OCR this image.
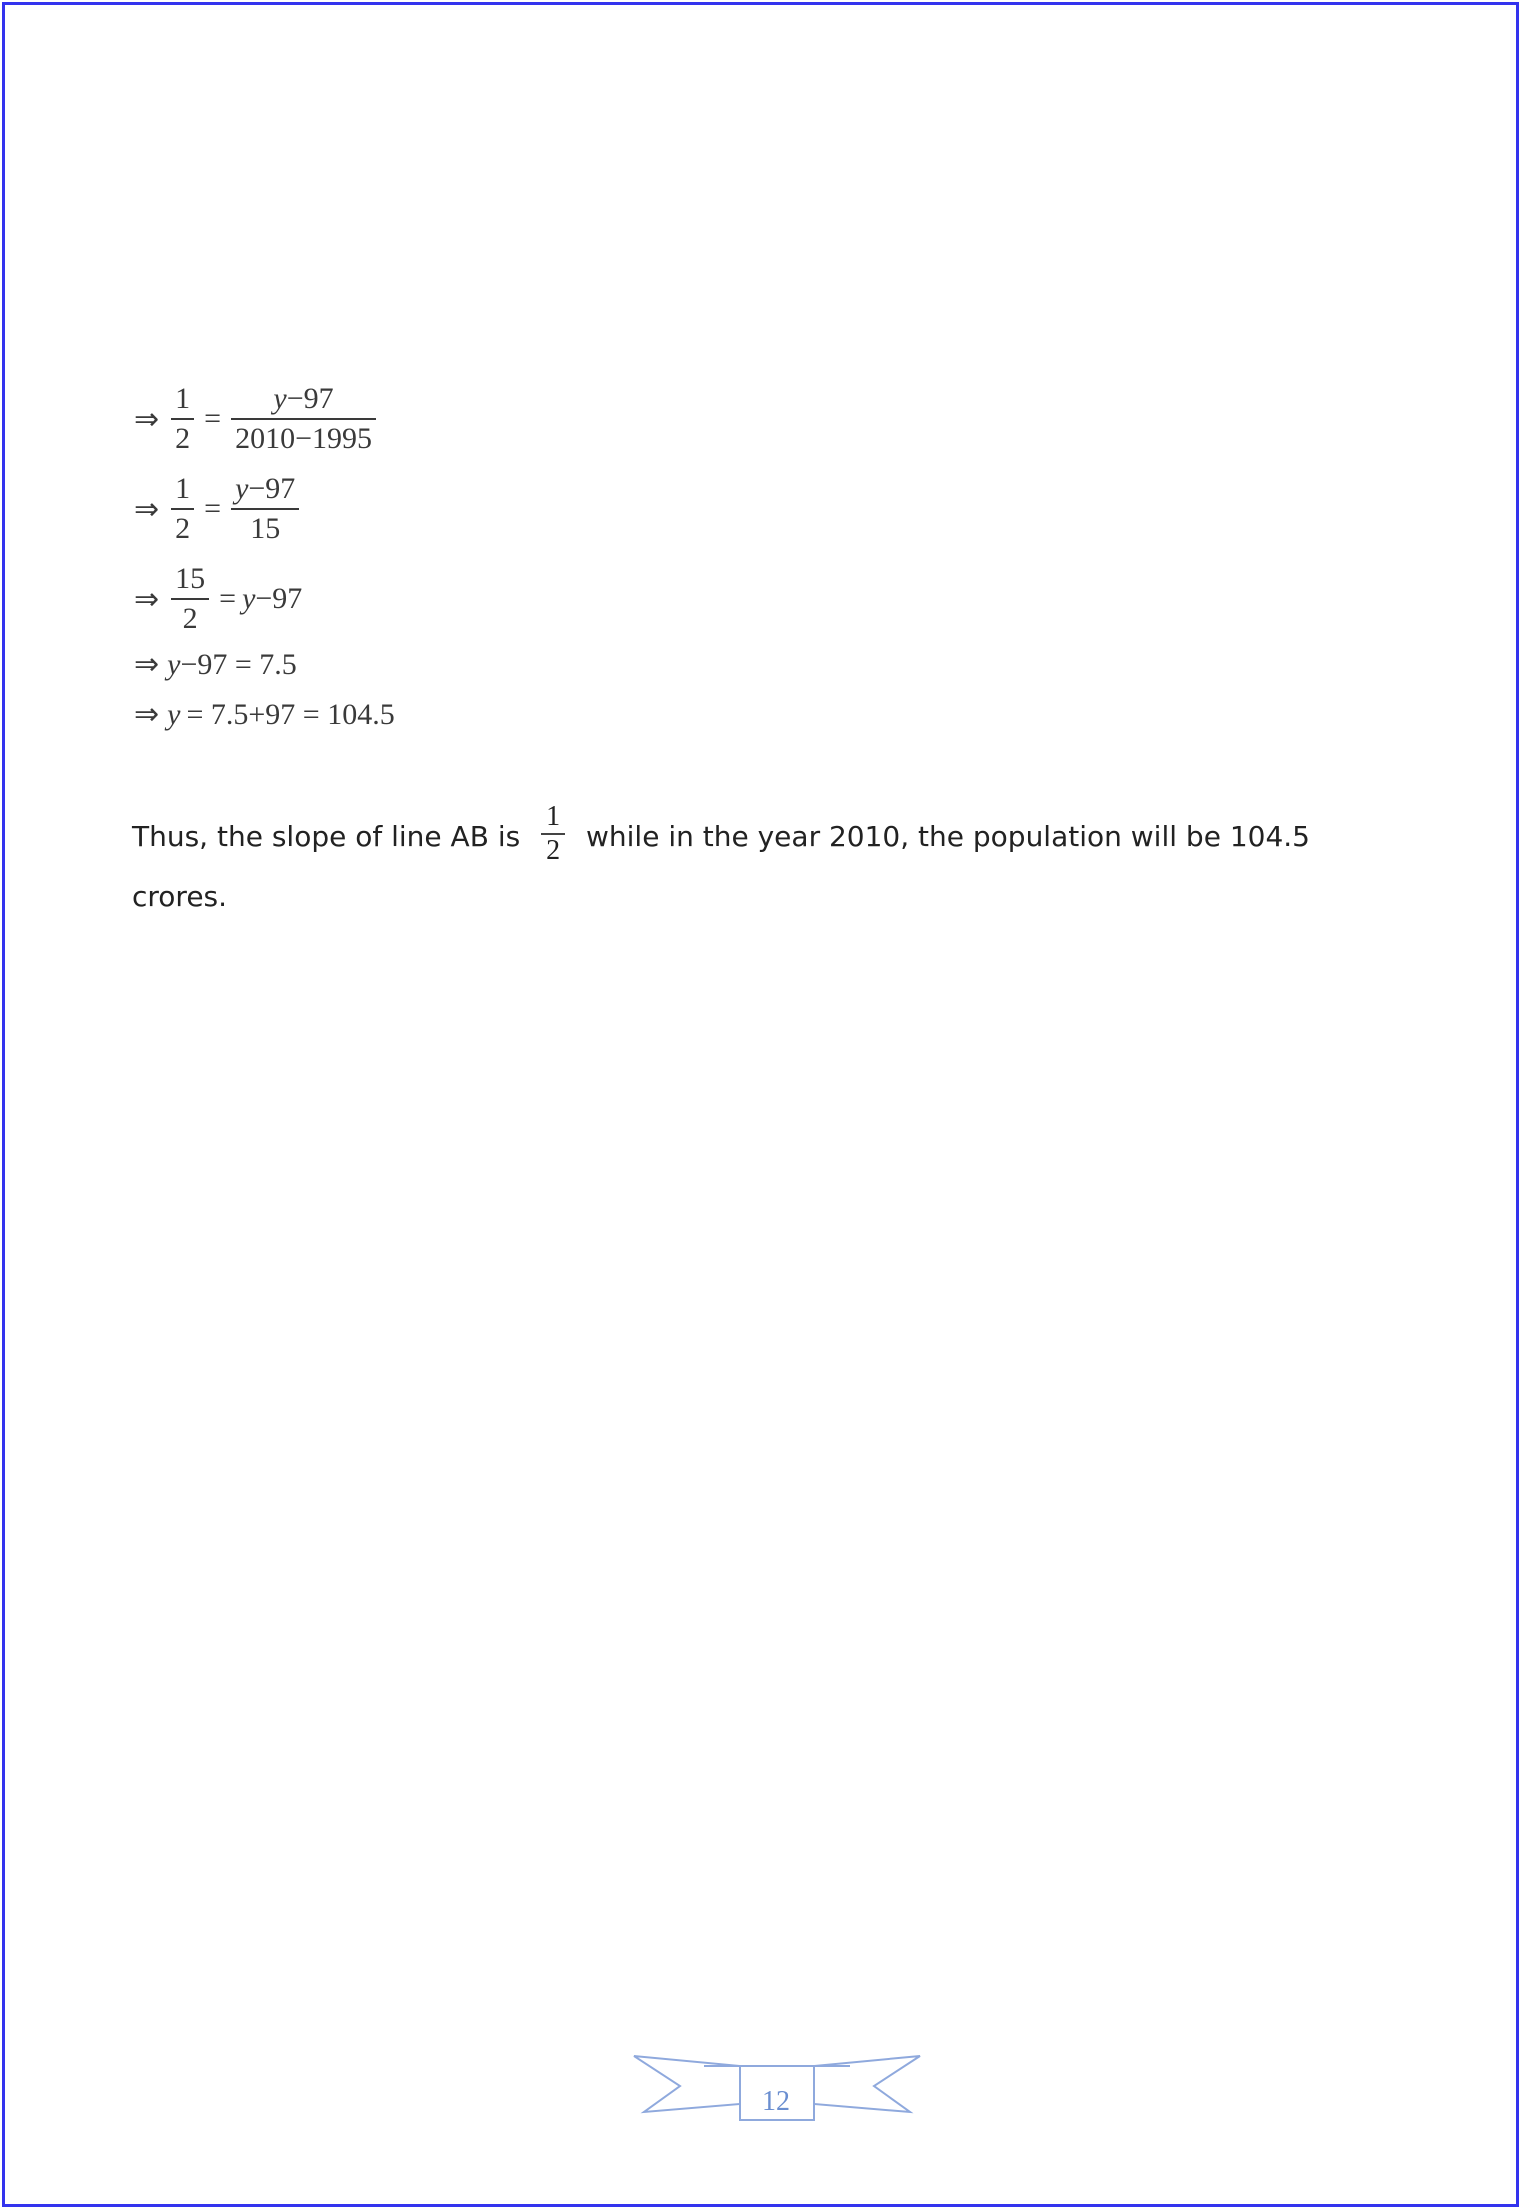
⇒ $\frac{1}{2} = \frac{y-97}{2010-1995}$
⇒ $\frac{1}{2} = \frac{y-97}{15}$
⇒ $\frac{15}{2} = y-97$
⇒ y −97 = 7.5
⇒ y = 7.5+97 = 104.5
Thus, the slope of line AB is $\frac{1}{2}$ while in the year 2010, the population will be 104.5 crores.
12
